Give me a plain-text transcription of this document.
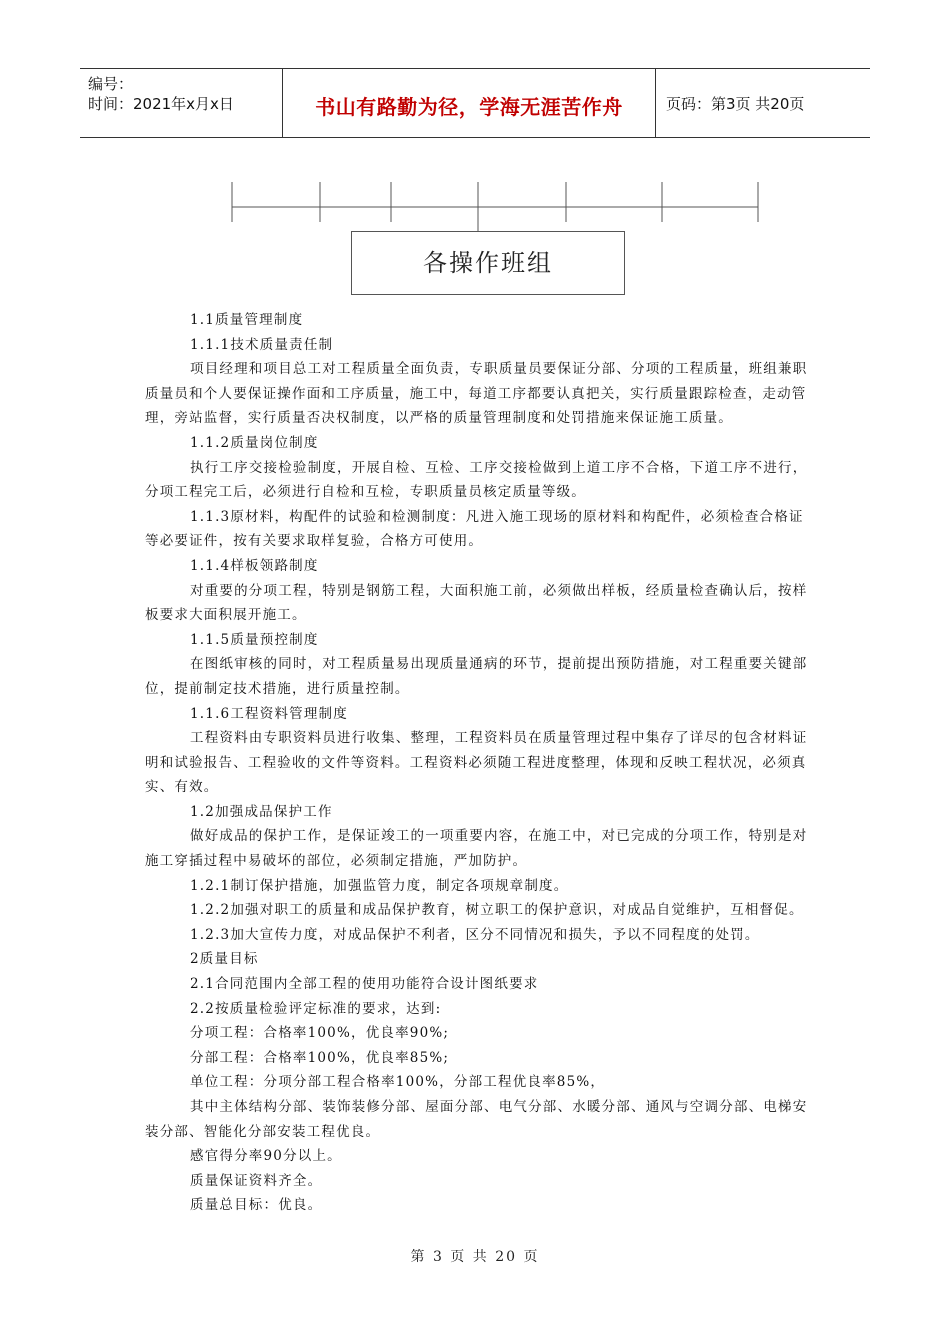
编号：
时间：2021年x月x日	书山有路勤为径，学海无涯苦作舟	页码：第3页 共20页
各操作班组

1.1质量管理制度

1.1.1技术质量责任制

项目经理和项目总工对工程质量全面负责，专职质量员要保证分部、分项的工程质量，班组兼职质量员和个人要保证操作面和工序质量，施工中，每道工序都要认真把关，实行质量跟踪检查，走动管理，旁站监督，实行质量否决权制度，以严格的质量管理制度和处罚措施来保证施工质量。

1.1.2质量岗位制度

执行工序交接检验制度，开展自检、互检、工序交接检做到上道工序不合格，下道工序不进行，分项工程完工后，必须进行自检和互检，专职质量员核定质量等级。

1.1.3原材料，构配件的试验和检测制度：凡进入施工现场的原材料和构配件，必须检查合格证等必要证件，按有关要求取样复验，合格方可使用。

1.1.4样板领路制度

对重要的分项工程，特别是钢筋工程，大面积施工前，必须做出样板，经质量检查确认后，按样板要求大面积展开施工。

1.1.5质量预控制度

在图纸审核的同时，对工程质量易出现质量通病的环节，提前提出预防措施，对工程重要关键部位，提前制定技术措施，进行质量控制。

1.1.6工程资料管理制度

工程资料由专职资料员进行收集、整理，工程资料员在质量管理过程中集存了详尽的包含材料证明和试验报告、工程验收的文件等资料。工程资料必须随工程进度整理，体现和反映工程状况，必须真实、有效。

1.2加强成品保护工作

做好成品的保护工作，是保证竣工的一项重要内容，在施工中，对已完成的分项工作，特别是对施工穿插过程中易破坏的部位，必须制定措施，严加防护。

1.2.1制订保护措施，加强监管力度，制定各项规章制度。

1.2.2加强对职工的质量和成品保护教育，树立职工的保护意识，对成品自觉维护，互相督促。

1.2.3加大宣传力度，对成品保护不利者，区分不同情况和损失，予以不同程度的处罚。

2质量目标

2.1合同范围内全部工程的使用功能符合设计图纸要求

2.2按质量检验评定标准的要求，达到:

分项工程：合格率100%，优良率90%;

分部工程：合格率100%，优良率85%;

单位工程：分项分部工程合格率100%，分部工程优良率85%，

其中主体结构分部、装饰装修分部、屋面分部、电气分部、水暖分部、通风与空调分部、电梯安装分部、智能化分部安装工程优良。

感官得分率90分以上。

质量保证资料齐全。

质量总目标：优良。

第 3 页 共 20 页
